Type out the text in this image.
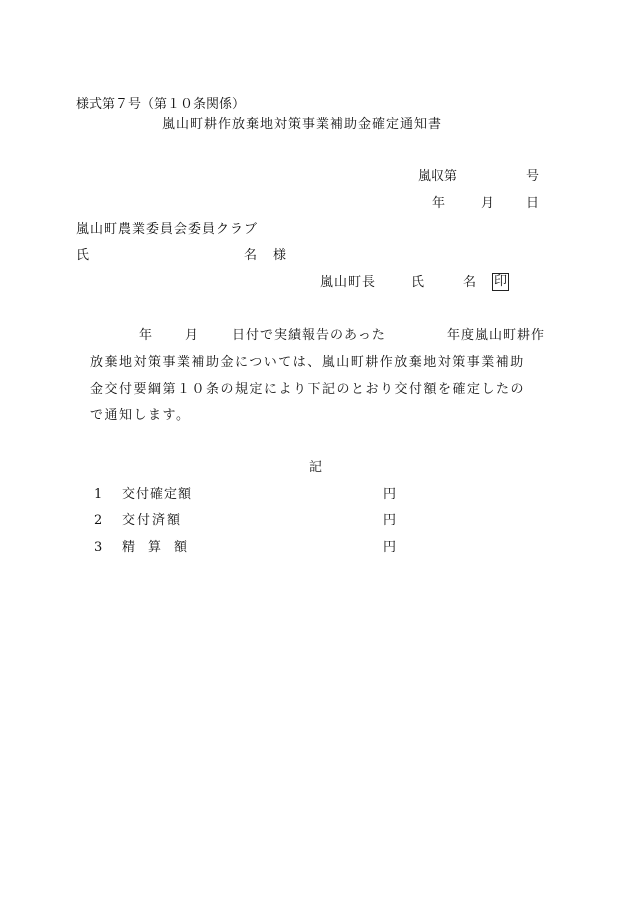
様式第７号（第１０条関係）
嵐山町耕作放棄地対策事業補助金確定通知書
嵐収第	号
年	月 日
嵐山町農業委員会委員クラブ
氏	名 様
嵐山町長	氏	名 印
年	月	日付で実績報告のあった	年度嵐山町耕作
放棄地対策事業補助金については、嵐山町耕作放棄地対策事業補助
金交付要綱第１０条の規定により下記のとおり交付額を確定したの
で通知します。
記
1 交付確定額	円
2 交付済額	円
3 精　算　額	円
